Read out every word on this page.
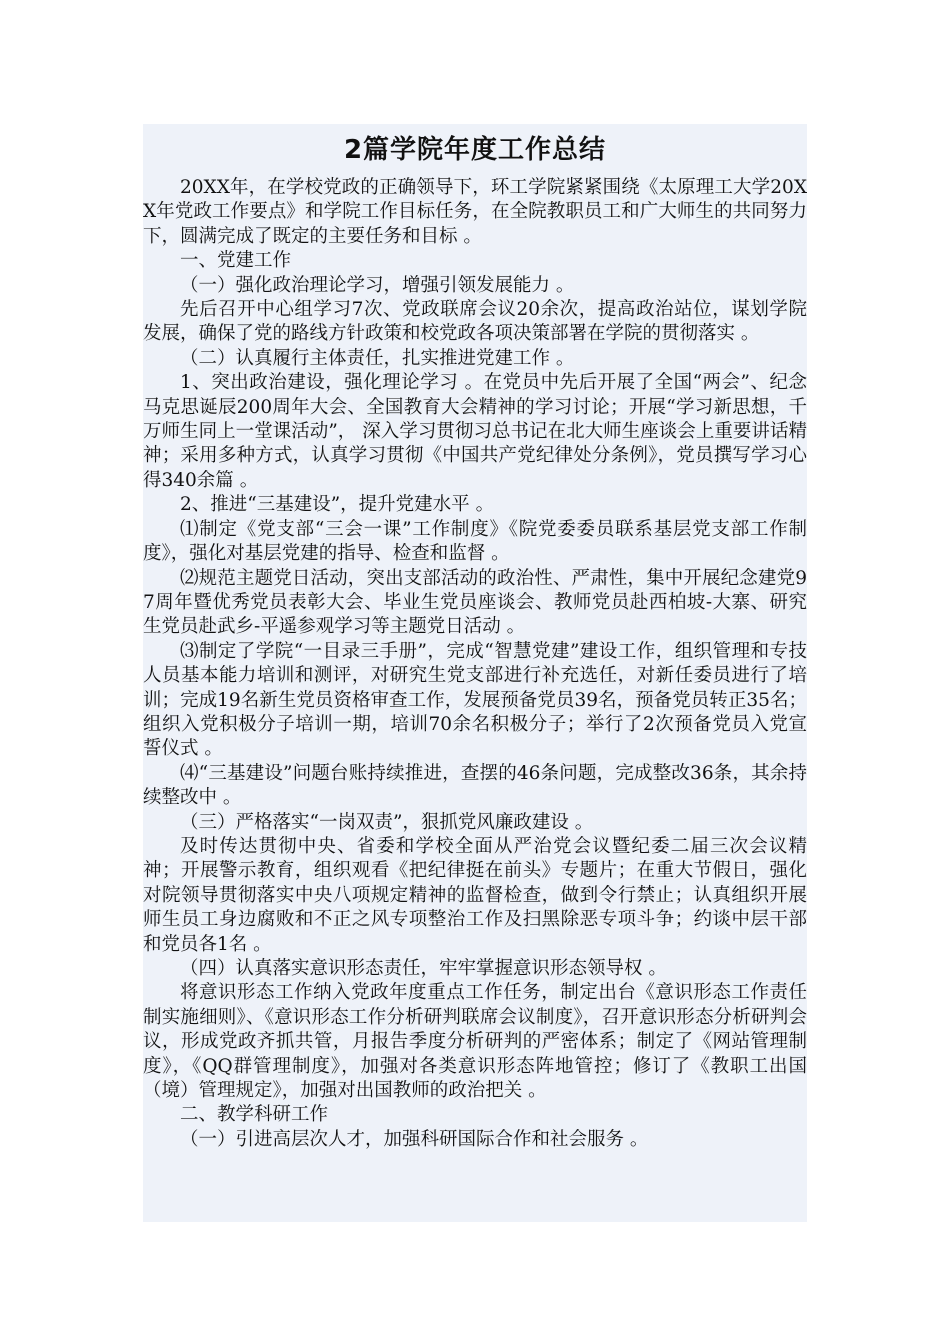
2篇学院年度工作总结

20XX年，在学校党政的正确领导下，环工学院紧紧围绕《太原理工大学20XX年党政工作要点》和学院工作目标任务，在全院教职员工和广大师生的共同努力下，圆满完成了既定的主要任务和目标 。

一、党建工作

（一）强化政治理论学习，增强引领发展能力 。

先后召开中心组学习7次、党政联席会议20余次，提高政治站位，谋划学院发展，确保了党的路线方针政策和校党政各项决策部署在学院的贯彻落实 。

（二）认真履行主体责任，扎实推进党建工作 。

1、突出政治建设，强化理论学习 。在党员中先后开展了全国“两会”、纪念马克思诞辰200周年大会、全国教育大会精神的学习讨论；开展“学习新思想，千万师生同上一堂课活动”， 深入学习贯彻习总书记在北大师生座谈会上重要讲话精神；采用多种方式，认真学习贯彻《中国共产党纪律处分条例》，党员撰写学习心得340余篇 。

2、推进“三基建设”，提升党建水平 。

⑴制定《党支部“三会一课”工作制度》《院党委委员联系基层党支部工作制度》，强化对基层党建的指导、检查和监督 。

⑵规范主题党日活动，突出支部活动的政治性、严肃性，集中开展纪念建党97周年暨优秀党员表彰大会、毕业生党员座谈会、教师党员赴西柏坡-大寨、研究生党员赴武乡-平遥参观学习等主题党日活动 。

⑶制定了学院“一目录三手册”，完成“智慧党建”建设工作，组织管理和专技人员基本能力培训和测评，对研究生党支部进行补充选任，对新任委员进行了培训；完成19名新生党员资格审查工作，发展预备党员39名，预备党员转正35名；组织入党积极分子培训一期，培训70余名积极分子；举行了2次预备党员入党宣誓仪式 。

⑷“三基建设”问题台账持续推进，查摆的46条问题，完成整改36条，其余持续整改中 。

（三）严格落实“一岗双责”，狠抓党风廉政建设 。

及时传达贯彻中央、省委和学校全面从严治党会议暨纪委二届三次会议精神；开展警示教育，组织观看《把纪律挺在前头》专题片；在重大节假日，强化对院领导贯彻落实中央八项规定精神的监督检查，做到令行禁止；认真组织开展师生员工身边腐败和不正之风专项整治工作及扫黑除恶专项斗争；约谈中层干部和党员各1名 。

（四）认真落实意识形态责任，牢牢掌握意识形态领导权 。

将意识形态工作纳入党政年度重点工作任务，制定出台《意识形态工作责任制实施细则》、《意识形态工作分析研判联席会议制度》，召开意识形态分析研判会议，形成党政齐抓共管，月报告季度分析研判的严密体系；制定了《网站管理制度》，《QQ群管理制度》，加强对各类意识形态阵地管控；修订了《教职工出国（境）管理规定》，加强对出国教师的政治把关 。

二、教学科研工作

（一）引进高层次人才，加强科研国际合作和社会服务 。
